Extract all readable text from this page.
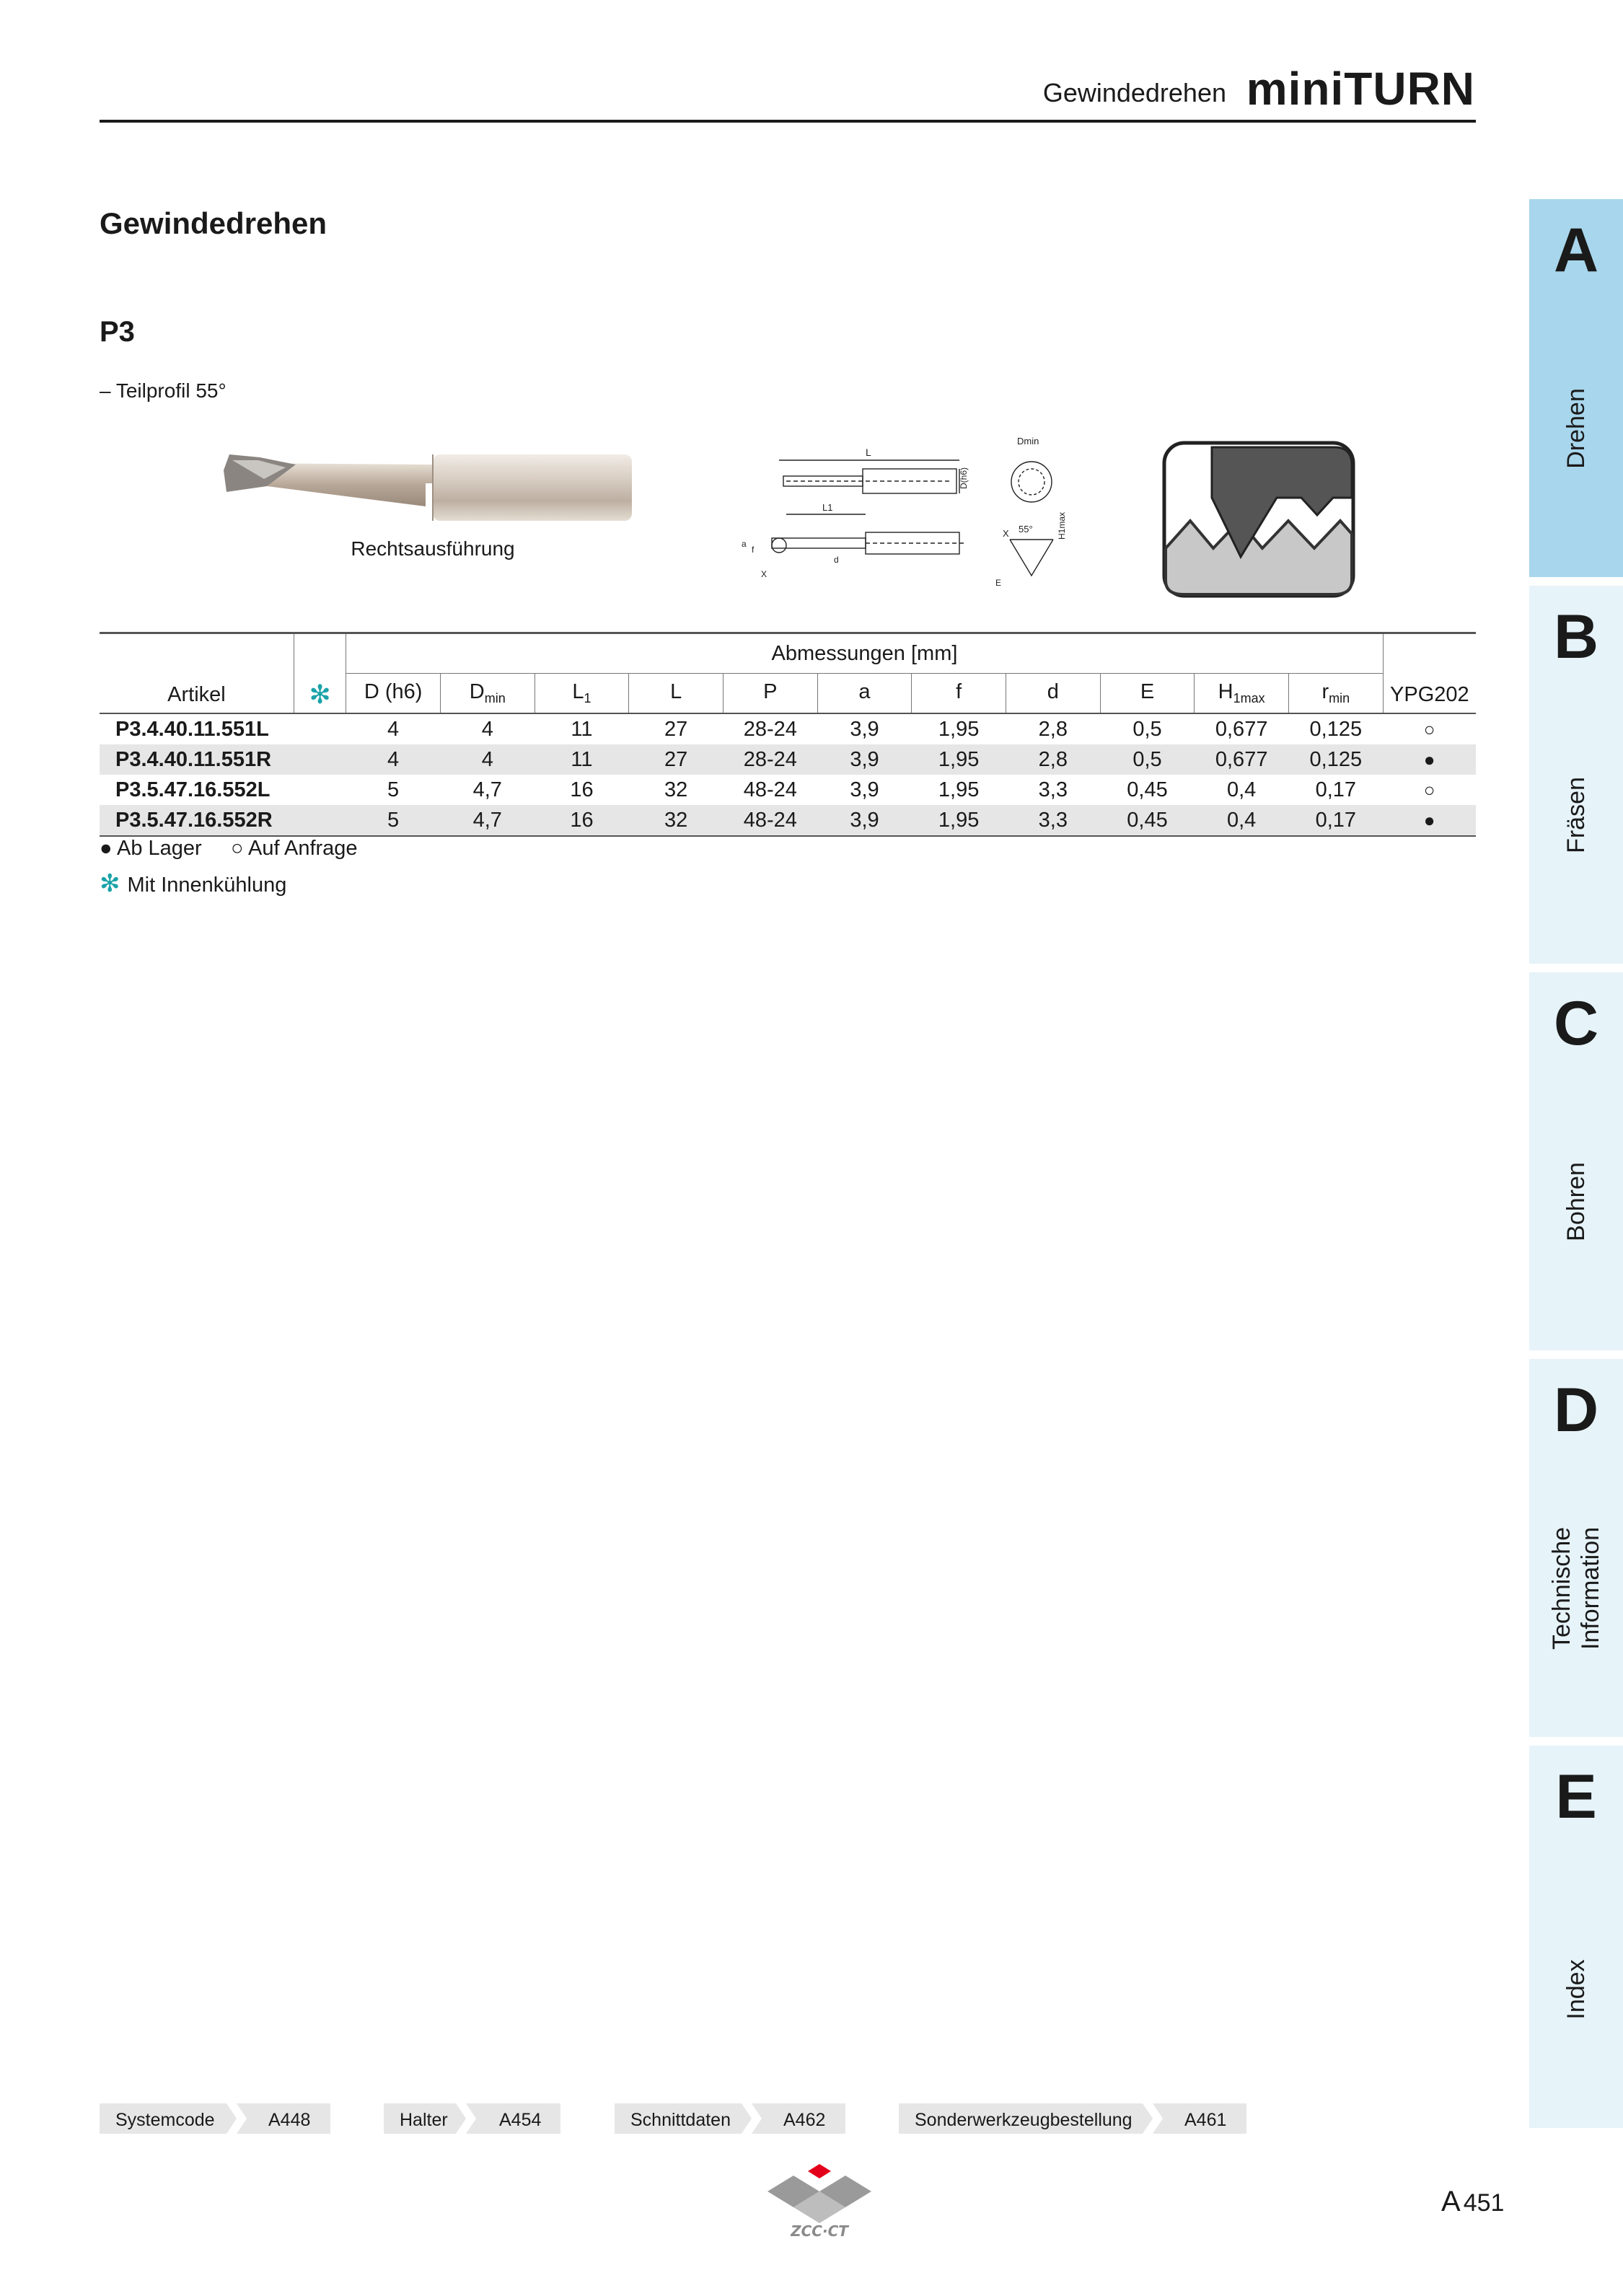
Gewindedrehen miniTURN
Gewindedrehen
P3
– Teilprofil 55°
Rechtsausführung
L
D(h6)
Dmin
L1
a
f
X
d
55°
X	H1max
E
Artikel	✻	Abmessungen [mm]											YPG202
		D (h6)	$D_{min}$	$L_1$	L	P	a	f	d	E	$H_{1max}$	$r_{min}$
P3.4.40.11.551L		4	4	11	27	28-24	3,9	1,95	2,8	0,5	0,677	0,125	○
P3.4.40.11.551R		4	4	11	27	28-24	3,9	1,95	2,8	0,5	0,677	0,125	●
P3.5.47.16.552L		5	4,7	16	32	48-24	3,9	1,95	3,3	0,45	0,4	0,17	○
P3.5.47.16.552R		5	4,7	16	32	48-24	3,9	1,95	3,3	0,45	0,4	0,17	●
● Ab Lager ○ Auf Anfrage
✻ Mit Innenkühlung
A
Drehen
B
Fräsen
C
Bohren
D
Technische
Information
E
Index
Systemcode	A448	Halter	A454	Schnittdaten	A462	Sonderwerkzeugbestellung	A461
ZCC·CT
A 451
